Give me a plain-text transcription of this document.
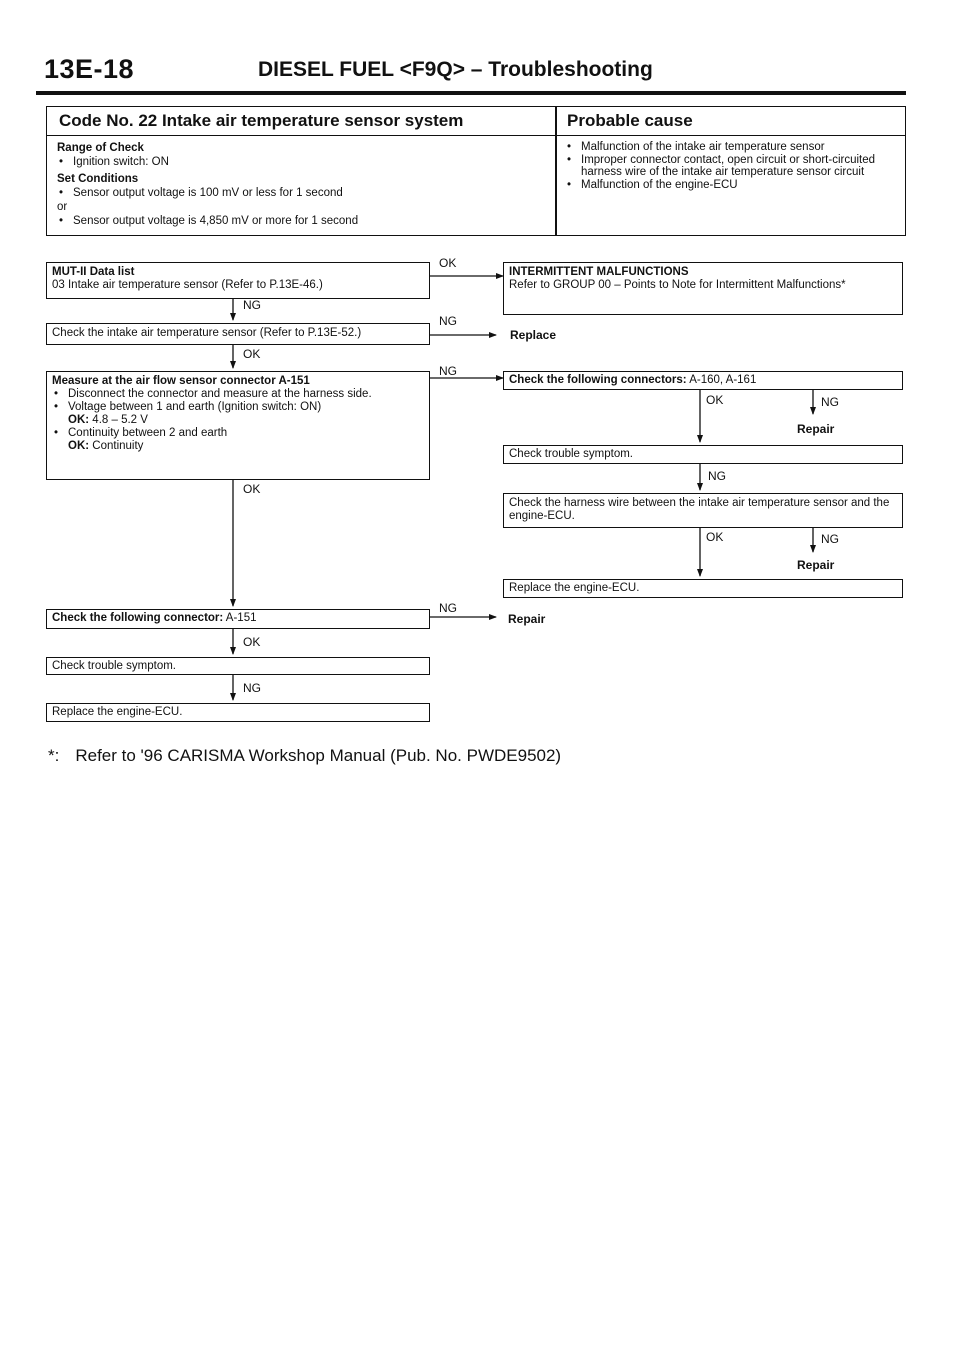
13E-18	DIESEL FUEL <F9Q> – Troubleshooting
Code No. 22 Intake air temperature sensor system	Probable cause
Range of Check
• Ignition switch: ON
Set Conditions
• Sensor output voltage is 100 mV or less for 1 second
or
• Sensor output voltage is 4,850 mV or more for 1 second
• Malfunction of the intake air temperature sensor
• Improper connector contact, open circuit or short-circuited harness wire of the intake air temperature sensor circuit
• Malfunction of the engine-ECU
MUT-II Data list
03 Intake air temperature sensor (Refer to P.13E-46.)
INTERMITTENT MALFUNCTIONS
Refer to GROUP 00 – Points to Note for Intermittent Malfunctions*
Check the intake air temperature sensor (Refer to P.13E-52.)	Replace
Measure at the air flow sensor connector A-151
• Disconnect the connector and measure at the harness side.
• Voltage between 1 and earth (Ignition switch: ON)
OK: 4.8 – 5.2 V
• Continuity between 2 and earth
OK: Continuity
Check the following connectors: A-160, A-161
Repair
Check trouble symptom.
Check the harness wire between the intake air temperature sensor and the engine-ECU.
Repair
Replace the engine-ECU.
Check the following connector: A-151	Repair
Check trouble symptom.
Replace the engine-ECU.
OK
NG
NG
OK
NG
OK
NG
OK
NG
OK	NG
NG
OK	NG
*: Refer to '96 CARISMA Workshop Manual (Pub. No. PWDE9502)
